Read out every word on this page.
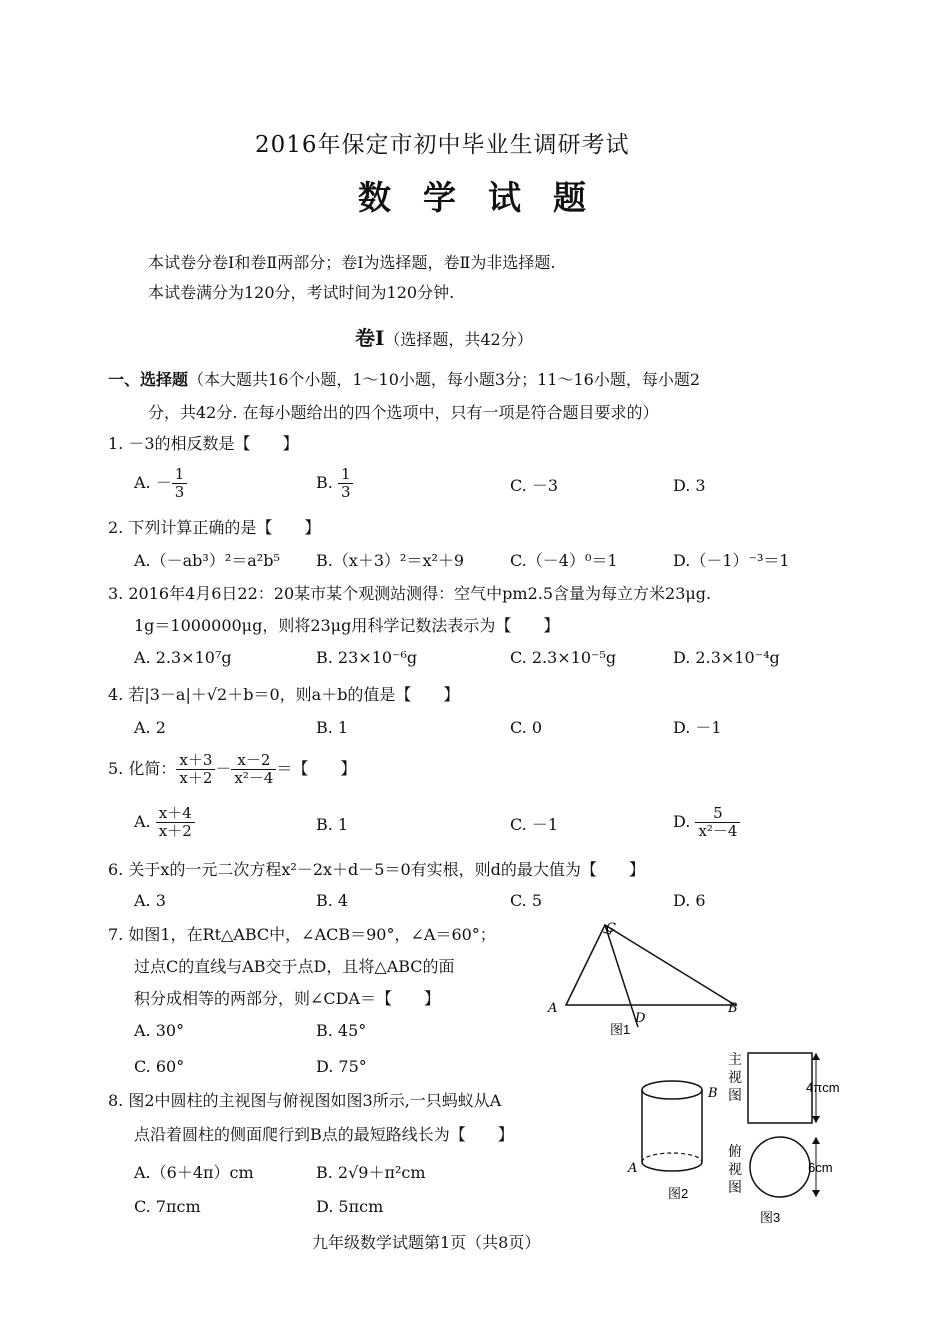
2016年保定市初中毕业生调研考试
数学试题
本试卷分卷Ⅰ和卷Ⅱ两部分；卷Ⅰ为选择题，卷Ⅱ为非选择题.
本试卷满分为120分，考试时间为120分钟.
卷Ⅰ（选择题，共42分）
一、选择题（本大题共16个小题，1～10小题，每小题3分；11～16小题，每小题2
分，共42分. 在每小题给出的四个选项中，只有一项是符合题目要求的）
1. －3的相反数是【　　】
A. － $\frac{1}{3}$	B. $\frac{1}{3}$	C. －3	D. 3
2. 下列计算正确的是【　　】
A.（－ab³）²＝a²b⁵ B.（x＋3）²＝x²＋9	C.（－4）⁰＝1	D.（－1）⁻³＝1
3. 2016年4月6日22：20某市某个观测站测得：空气中pm2.5含量为每立方米23μg.
1g＝1000000μg，则将23μg用科学记数法表示为【　　】
A. 2.3×10⁷g	B. 23×10⁻⁶g	C. 2.3×10⁻⁵g	D. 2.3×10⁻⁴g
4. 若|3－a|＋√2＋b＝0，则a＋b的值是【　　】
A. 2	B. 1	C. 0	D. －1
5. 化简： $\frac{x+3}{x+2} - \frac{x-2}{\text{x²－4}}$ ＝【　　】
A. $\frac{x+4}{x+2}$	B. 1	C. －1	D. $\frac{5}{\text{x²－4}}$
6. 关于x的一元二次方程x²－2x＋d－5＝0有实根，则d的最大值为【　　】
A. 3	B. 4	C. 5	D. 6
7. 如图1，在Rt△ABC中，∠ACB＝90°，∠A＝60°；
过点C的直线与AB交于点D，且将△ABC的面
积分成相等的两部分，则∠CDA＝【　　】
A. 30°	B. 45°
C. 60°	D. 75°
8. 图2中圆柱的主视图与俯视图如图3所示,一只蚂蚁从A
点沿着圆柱的侧面爬行到B点的最短路线长为【　　】
A.（6＋4π）cm	B. 2√9＋π²cm
C. 7πcm	D. 5πcm
C
A	B
D
图1
B
A
图2
主
视
图
4πcm
俯
视
图
6cm
图3
九年级数学试题第1页（共8页）
